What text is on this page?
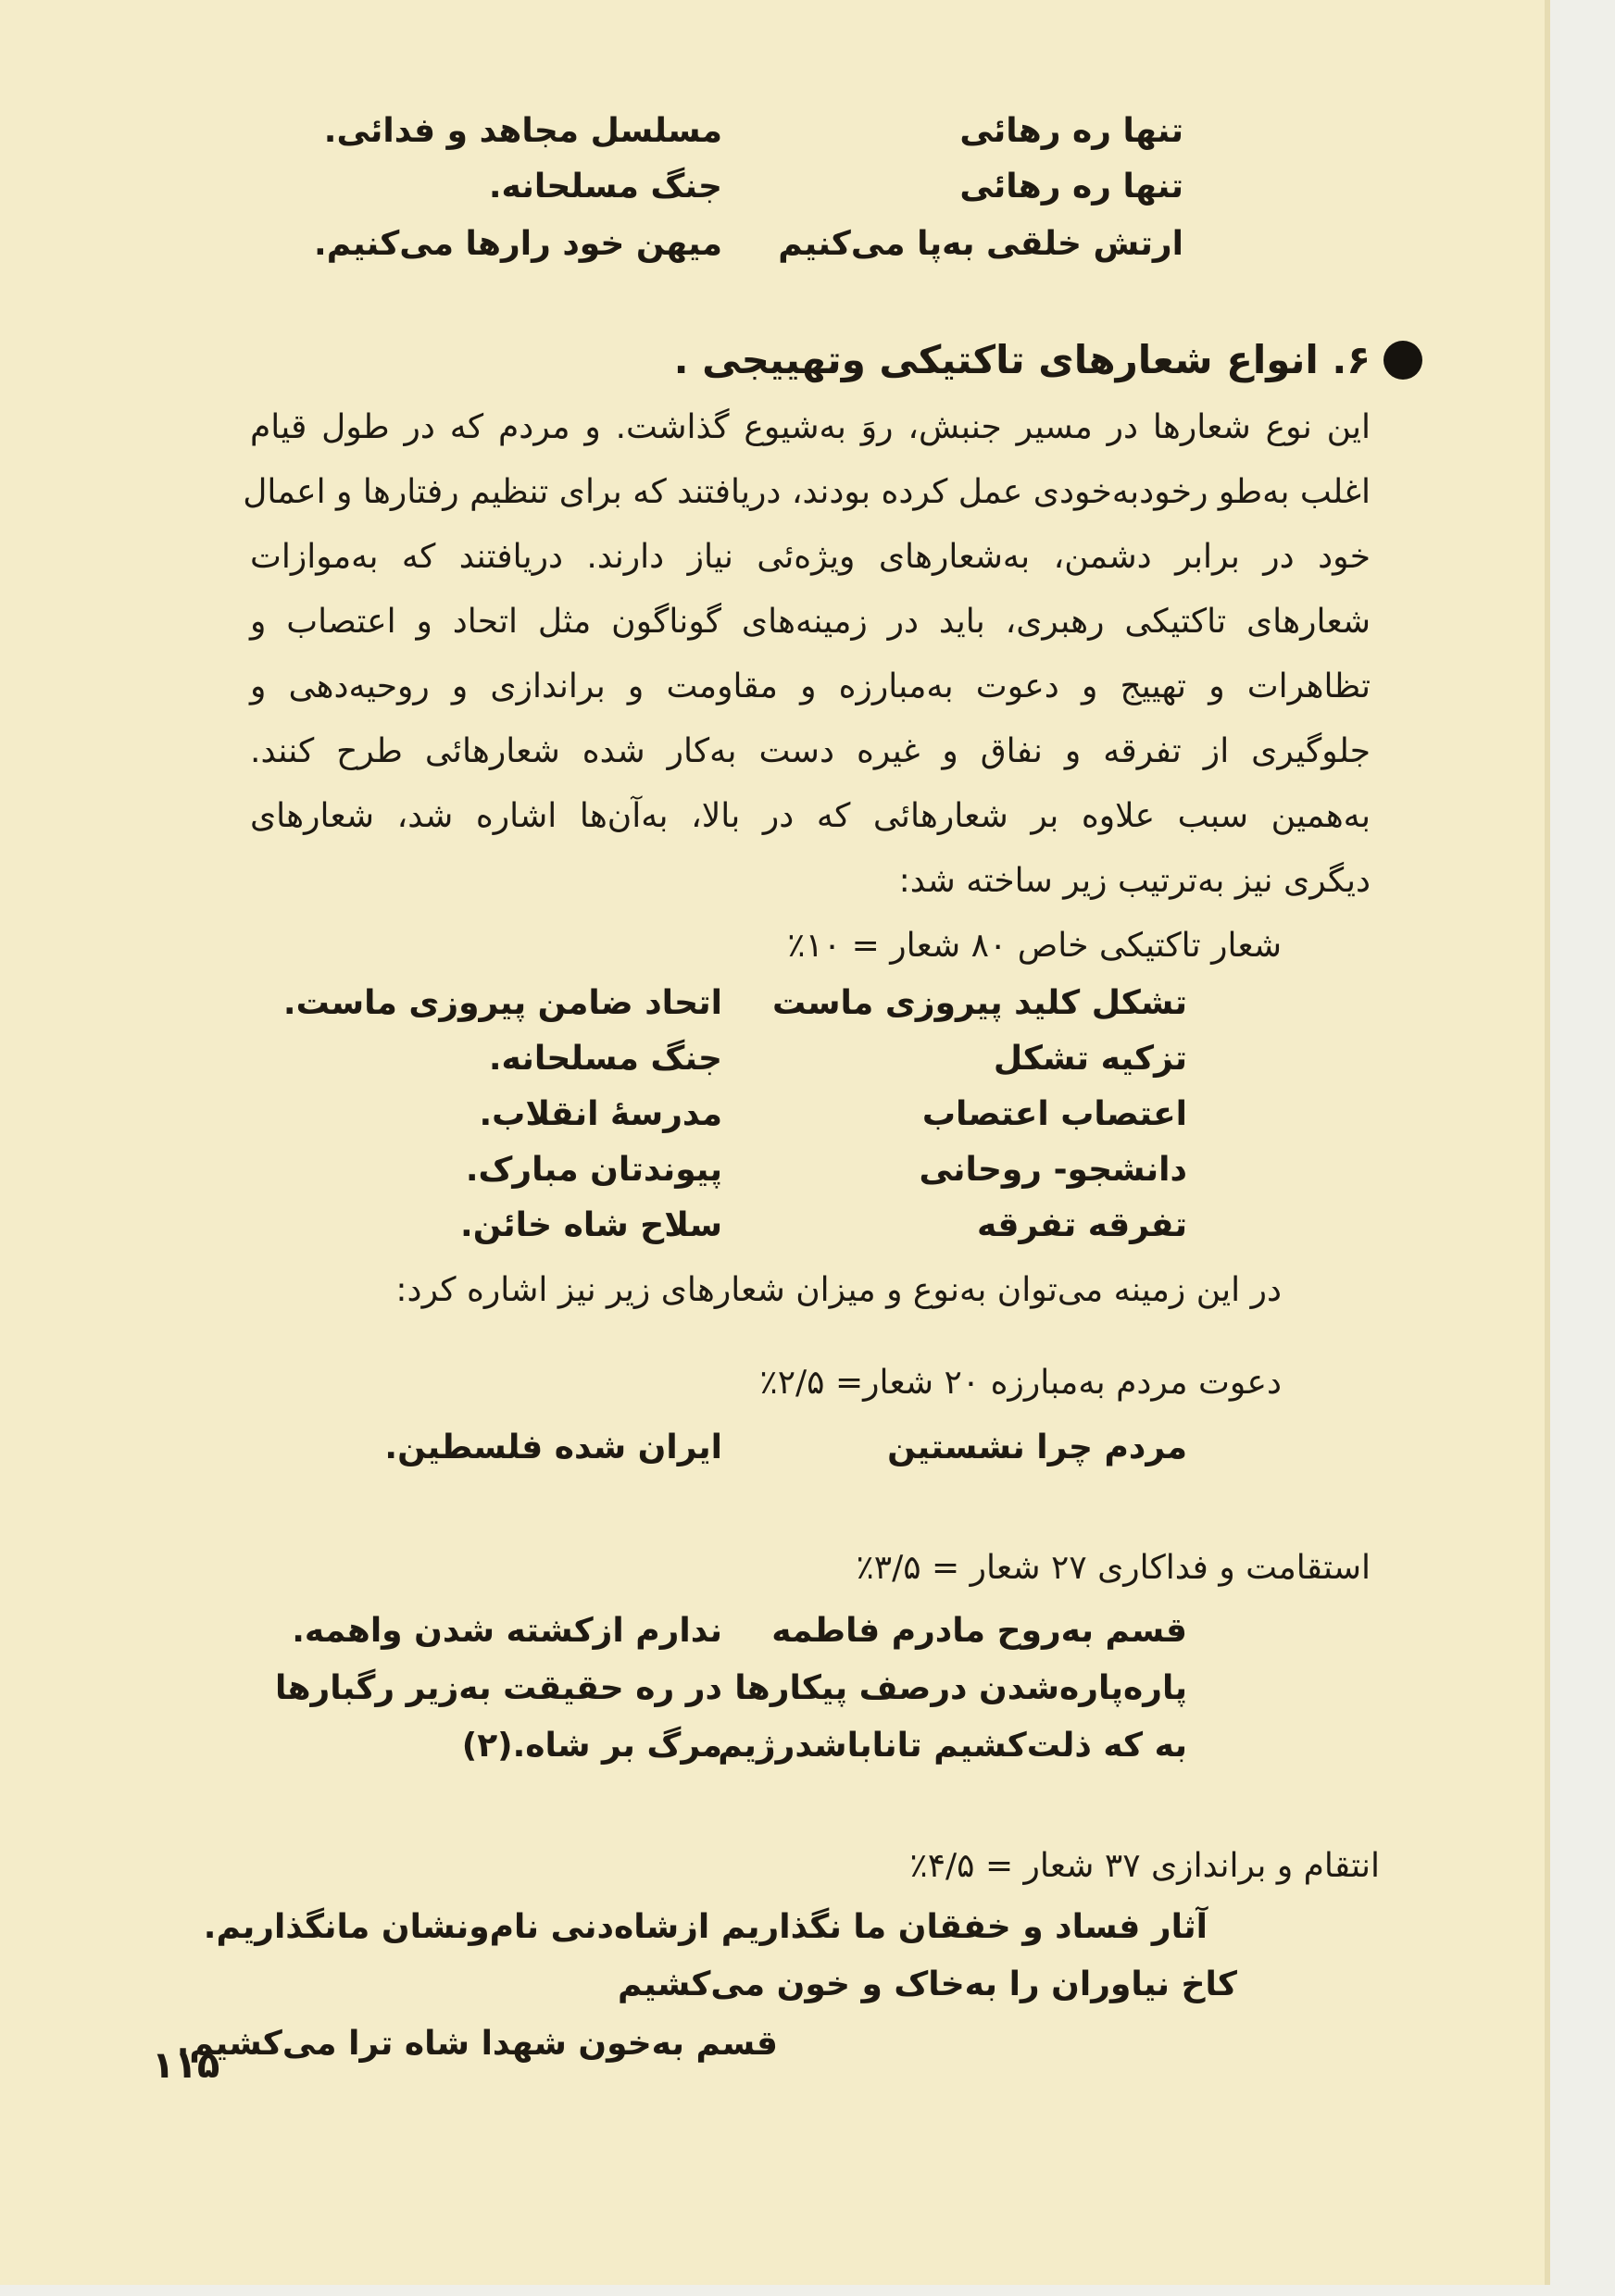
تنها ره رهائی
مسلسل مجاهد و فدائی.
تنها ره رهائی
جنگ مسلحانه.
ارتش خلقی به‌پا می‌کنیم
میهن خود رارها می‌کنیم.
۶. انواع شعارهای تاکتیکی وتهییجی .
این نوع شعارها در مسیر جنبش، روَ به‌شیوع گذاشت. و مردم که در طول قیام
اغلب به‌طو رخودبه‌خودی عمل کرده بودند، دریافتند که برای تنظیم رفتارها و اعمال
خود در برابر دشمن، به‌شعارهای ویژه‌ئی نیاز دارند. دریافتند که به‌موازات
شعارهای تاکتیکی رهبری، باید در زمینه‌های گوناگون مثل اتحاد و اعتصاب و
تظاهرات و تهییج و دعوت به‌مبارزه و مقاومت و براندازی و روحیه‌دهی و
جلوگیری از تفرقه و نفاق و غیره دست به‌کار شده شعارهائی طرح کنند.
به‌همین سبب علاوه بر شعارهائی که در بالا، به‌آن‌ها اشاره شد، شعارهای
دیگری نیز به‌ترتیب زیر ساخته شد:
شعار تاکتیکی خاص ۸۰ شعار = ۱۰٪
تشکل کلید پیروزی ماست
اتحاد ضامن پیروزی ماست.
تزکیه تشکل
جنگ مسلحانه.
اعتصاب اعتصاب
مدرسهٔ انقلاب.
دانشجو- روحانی
پیوندتان مبارک.
تفرقه تفرقه
سلاح شاه خائن.
در این زمینه می‌توان به‌نوع و میزان شعارهای زیر نیز اشاره کرد:
دعوت مردم به‌مبارزه ۲۰ شعار= ۲/۵٪
مردم چرا نشستین
ایران شده فلسطین.
استقامت و فداکاری ۲۷ شعار = ۳/۵٪
قسم به‌روح مادرم فاطمه
ندارم ازکشته شدن واهمه.
پاره‌پاره‌شدن درصف پیکارها
در ره حقیقت به‌زیر رگبارها
به که ذلت‌کشیم تاناباشدرژیم
مرگ بر شاه.(۲)
انتقام و براندازی ۳۷ شعار = ۴/۵٪
آثار فساد و خفقان ما نگذاریم ازشاه‌دنی نام‌ونشان مانگذاریم.
کاخ نیاوران را به‌خاک و خون می‌کشیم
قسم به‌خون شهدا شاه ترا می‌کشیم.
۱۱۵
